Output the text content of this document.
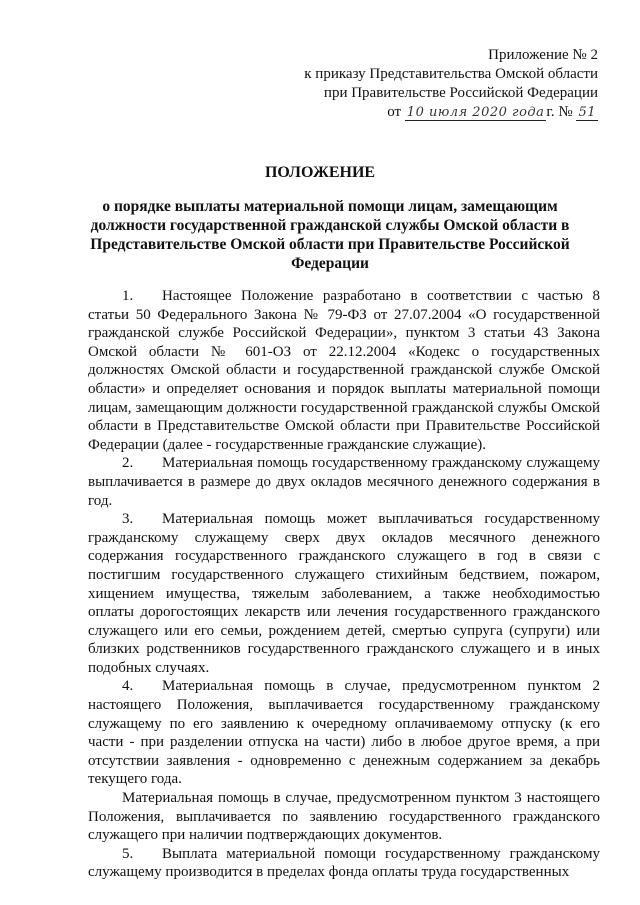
Приложение № 2
к приказу Представительства Омской области
при Правительстве Российской Федерации
от 10 июля 2020 года г. № 51
ПОЛОЖЕНИЕ
о порядке выплаты материальной помощи лицам, замещающим должности государственной гражданской службы Омской области в Представительстве Омской области при Правительстве Российской Федерации

1. Настоящее Положение разработано в соответствии с частью 8 статьи 50 Федерального Закона № 79-ФЗ от 27.07.2004 «О государственной гражданской службе Российской Федерации», пунктом 3 статьи 43 Закона Омской области № 601-ОЗ от 22.12.2004 «Кодекс о государственных должностях Омской области и государственной гражданской службе Омской области» и определяет основания и порядок выплаты материальной помощи лицам, замещающим должности государственной гражданской службы Омской области в Представительстве Омской области при Правительстве Российской Федерации (далее - государственные гражданские служащие).

2. Материальная помощь государственному гражданскому служащему выплачивается в размере до двух окладов месячного денежного содержания в год.

3. Материальная помощь может выплачиваться государственному гражданскому служащему сверх двух окладов месячного денежного содержания государственного гражданского служащего в год в связи с постигшим государственного служащего стихийным бедствием, пожаром, хищением имущества, тяжелым заболеванием, а также необходимостью оплаты дорогостоящих лекарств или лечения государственного гражданского служащего или его семьи, рождением детей, смертью супруга (супруги) или близких родственников государственного гражданского служащего и в иных подобных случаях.

4. Материальная помощь в случае, предусмотренном пунктом 2 настоящего Положения, выплачивается государственному гражданскому служащему по его заявлению к очередному оплачиваемому отпуску (к его части - при разделении отпуска на части) либо в любое другое время, а при отсутствии заявления - одновременно с денежным содержанием за декабрь текущего года.

Материальная помощь в случае, предусмотренном пунктом 3 настоящего Положения, выплачивается по заявлению государственного гражданского служащего при наличии подтверждающих документов.

5. Выплата материальной помощи государственному гражданскому служащему производится в пределах фонда оплаты труда государственных
